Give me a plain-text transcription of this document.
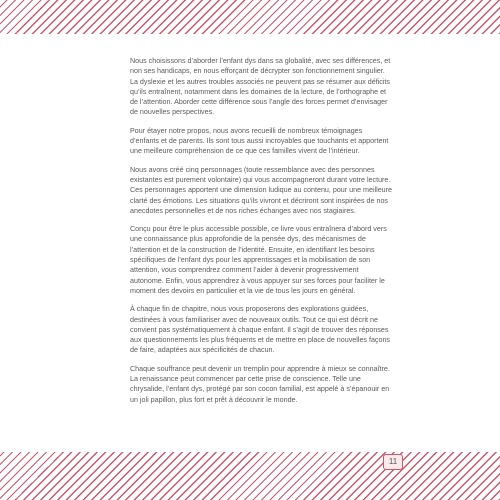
Nous choisissons d’aborder l’enfant dys dans sa globalité, avec ses différences, et non ses handicaps, en nous efforçant de décrypter son fonctionnement singulier. La dyslexie et les autres troubles associés ne peuvent pas se résumer aux déficits qu’ils entraînent, notamment dans les domaines de la lecture, de l’orthographe et de l’attention. Aborder cette différence sous l’angle des forces permet d’envisager de nouvelles perspectives.

Pour étayer notre propos, nous avons recueilli de nombreux témoignages d’enfants et de parents. Ils sont tous aussi incroyables que touchants et apportent une meilleure compréhension de ce que ces familles vivent de l’intérieur.

Nous avons créé cinq personnages (toute ressemblance avec des personnes existantes est purement volontaire) qui vous accompagneront durant votre lecture. Ces personnages apportent une dimension ludique au contenu, pour une meilleure clarté des émotions. Les situations qu’ils vivront et décriront sont inspirées de nos anecdotes personnelles et de nos riches échanges avec nos stagiaires.

Conçu pour être le plus accessible possible, ce livre vous entraînera d’abord vers une connaissance plus approfondie de la pensée dys, des mécanismes de l’attention et de la construction de l’identité. Ensuite, en identifiant les besoins spécifiques de l’enfant dys pour les apprentissages et la mobilisation de son attention, vous comprendrez comment l’aider à devenir progressivement autonome. Enfin, vous apprendrez à vous appuyer sur ses forces pour faciliter le moment des devoirs en particulier et la vie de tous les jours en général.

À chaque fin de chapitre, nous vous proposerons des explorations guidées, destinées à vous familiariser avec de nouveaux outils. Tout ce qui est décrit ne convient pas systématiquement à chaque enfant. Il s’agit de trouver des réponses aux questionnements les plus fréquents et de mettre en place de nouvelles façons de faire, adaptées aux spécificités de chacun.

Chaque souffrance peut devenir un tremplin pour apprendre à mieux se connaître. La renaissance peut commencer par cette prise de conscience. Telle une chrysalide, l’enfant dys, protégé par son cocon familial, est appelé à s’épanouir en un joli papillon, plus fort et prêt à découvrir le monde.

11
